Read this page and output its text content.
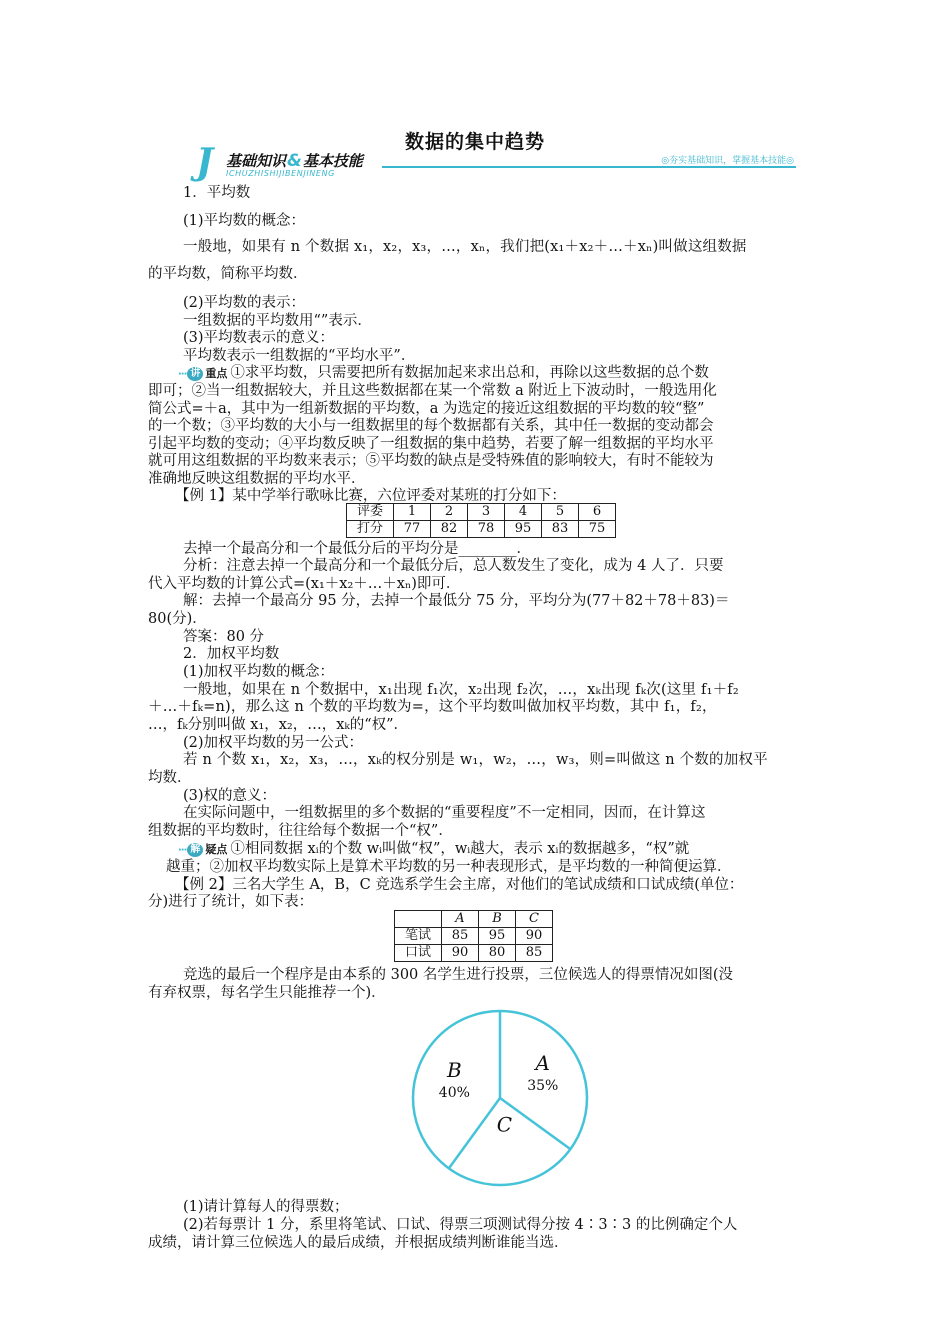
数据的集中趋势
J 基础知识&基本技能
ICHUZHISHIJIBENJINENG
◎夯实基础知识，掌握基本技能◎
1．平均数
(1)平均数的概念：
一般地，如果有 n 个数据 x₁，x₂，x₃，…，xₙ，我们把(x₁＋x₂＋…＋xₙ)叫做这组数据
的平均数，简称平均数．
(2)平均数的表示：
一组数据的平均数用“”表示．
(3)平均数表示的意义：
平均数表示一组数据的“平均水平”．
··· 讲 重点 ①求平均数，只需要把所有数据加起来求出总和，再除以这些数据的总个数
即可；②当一组数据较大，并且这些数据都在某一个常数 a 附近上下波动时，一般选用化
简公式=＋a，其中为一组新数据的平均数，a 为选定的接近这组数据的平均数的较“整”
的一个数；③平均数的大小与一组数据里的每个数据都有关系，其中任一数据的变动都会
引起平均数的变动；④平均数反映了一组数据的集中趋势，若要了解一组数据的平均水平
就可用这组数据的平均数来表示；⑤平均数的缺点是受特殊值的影响较大，有时不能较为
准确地反映这组数据的平均水平．
【例 1】某中学举行歌咏比赛，六位评委对某班的打分如下：
评委	1	2	3	4	5	6
打分	77	82	78	95	83	75
去掉一个最高分和一个最低分后的平均分是________．
分析：注意去掉一个最高分和一个最低分后，总人数发生了变化，成为 4 人了．只要
代入平均数的计算公式=(x₁＋x₂＋…＋xₙ)即可．
解：去掉一个最高分 95 分，去掉一个最低分 75 分，平均分为(77＋82＋78＋83)＝
80(分)．
答案：80 分
2．加权平均数
(1)加权平均数的概念：
一般地，如果在 n 个数据中，x₁出现 f₁次，x₂出现 f₂次，…，xₖ出现 fₖ次(这里 f₁＋f₂
＋…＋fₖ=n)，那么这 n 个数的平均数为=，这个平均数叫做加权平均数，其中 f₁，f₂，
…，fₖ分别叫做 x₁，x₂，…，xₖ的“权”．
(2)加权平均数的另一公式：
若 n 个数 x₁，x₂，x₃，…，xₖ的权分别是 w₁，w₂，…，w₃，则=叫做这 n 个数的加权平
均数．
(3)权的意义：
在实际问题中，一组数据里的多个数据的“重要程度”不一定相同，因而，在计算这
组数据的平均数时，往往给每个数据一个“权”．
··· 解 疑点 ①相同数据 xᵢ的个数 wᵢ叫做“权”，wᵢ越大，表示 xᵢ的数据越多，“权”就
越重；②加权平均数实际上是算术平均数的另一种表现形式，是平均数的一种简便运算．
【例 2】三名大学生 A，B，C 竞选系学生会主席，对他们的笔试成绩和口试成绩(单位：
分)进行了统计，如下表：
	A	B	C
笔试	85	95	90
口试	90	80	85
竞选的最后一个程序是由本系的 300 名学生进行投票，三位候选人的得票情况如图(没
有弃权票，每名学生只能推荐一个)．
A
35%
B
40%
C
(1)请计算每人的得票数；
(2)若每票计 1 分，系里将笔试、口试、得票三项测试得分按 4∶3∶3 的比例确定个人
成绩，请计算三位候选人的最后成绩，并根据成绩判断谁能当选．
